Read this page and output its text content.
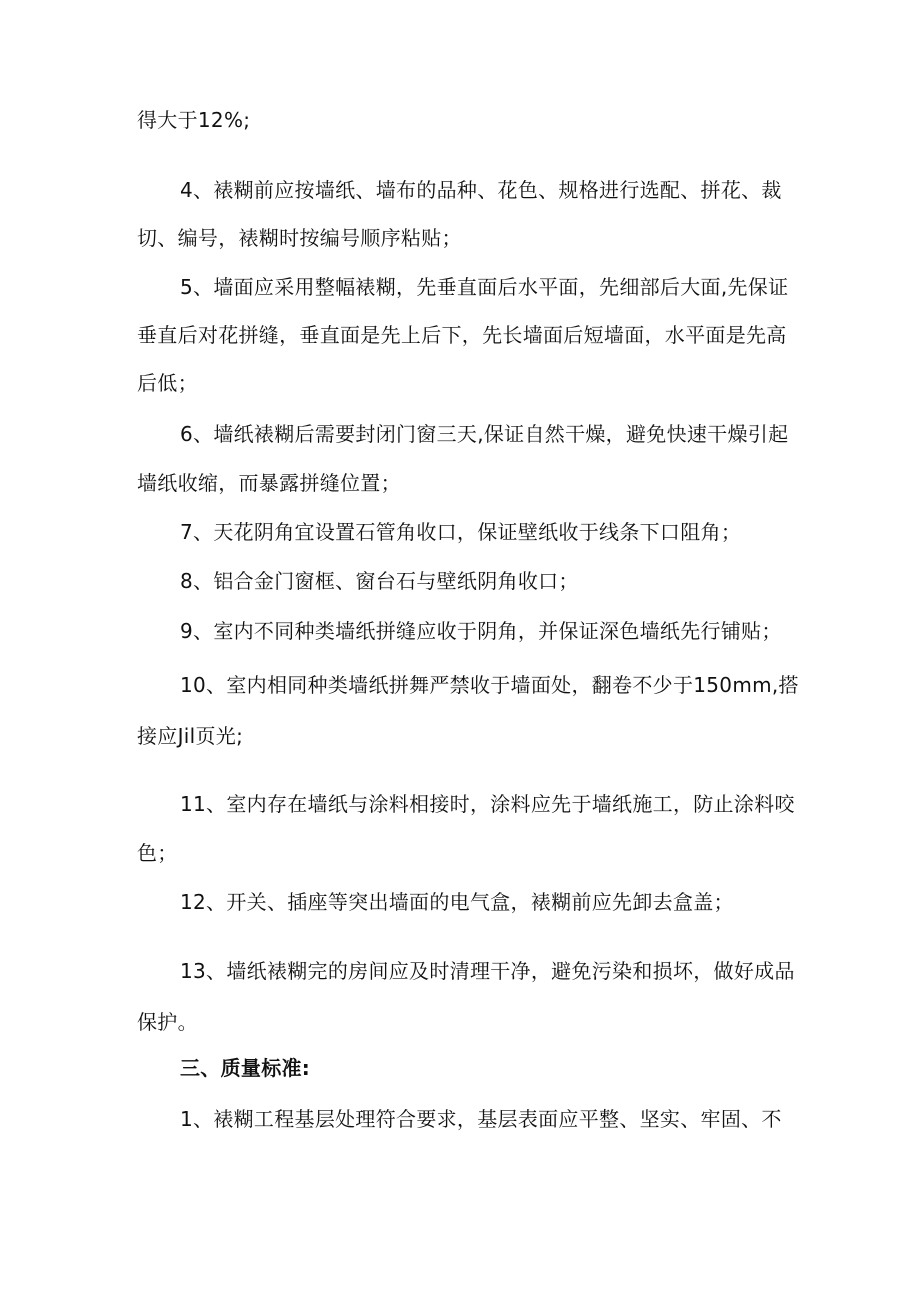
得大于12%;
4、裱糊前应按墙纸、墙布的品种、花色、规格进行选配、拼花、裁
切、编号，裱糊时按编号顺序粘贴；
5、墙面应采用整幅裱糊，先垂直面后水平面，先细部后大面,先保证
垂直后对花拼缝，垂直面是先上后下，先长墙面后短墙面，水平面是先高
后低；
6、墙纸裱糊后需要封闭门窗三天,保证自然干燥，避免快速干燥引起
墙纸收缩，而暴露拼缝位置；
7、天花阴角宜设置石管角收口，保证壁纸收于线条下口阻角；
8、铝合金门窗框、窗台石与壁纸阴角收口；
9、室内不同种类墙纸拼缝应收于阴角，并保证深色墙纸先行铺贴；
10、室内相同种类墙纸拼舞严禁收于墙面处，翻卷不少于150mm,搭
接应Jil页光;
11、室内存在墙纸与涂料相接时，涂料应先于墙纸施工，防止涂料咬
色；
12、开关、插座等突出墙面的电气盒，裱糊前应先卸去盒盖；
13、墙纸裱糊完的房间应及时清理干净，避免污染和损坏，做好成品
保护。
三、质量标准:
1、裱糊工程基层处理符合要求，基层表面应平整、坚实、牢固、不
